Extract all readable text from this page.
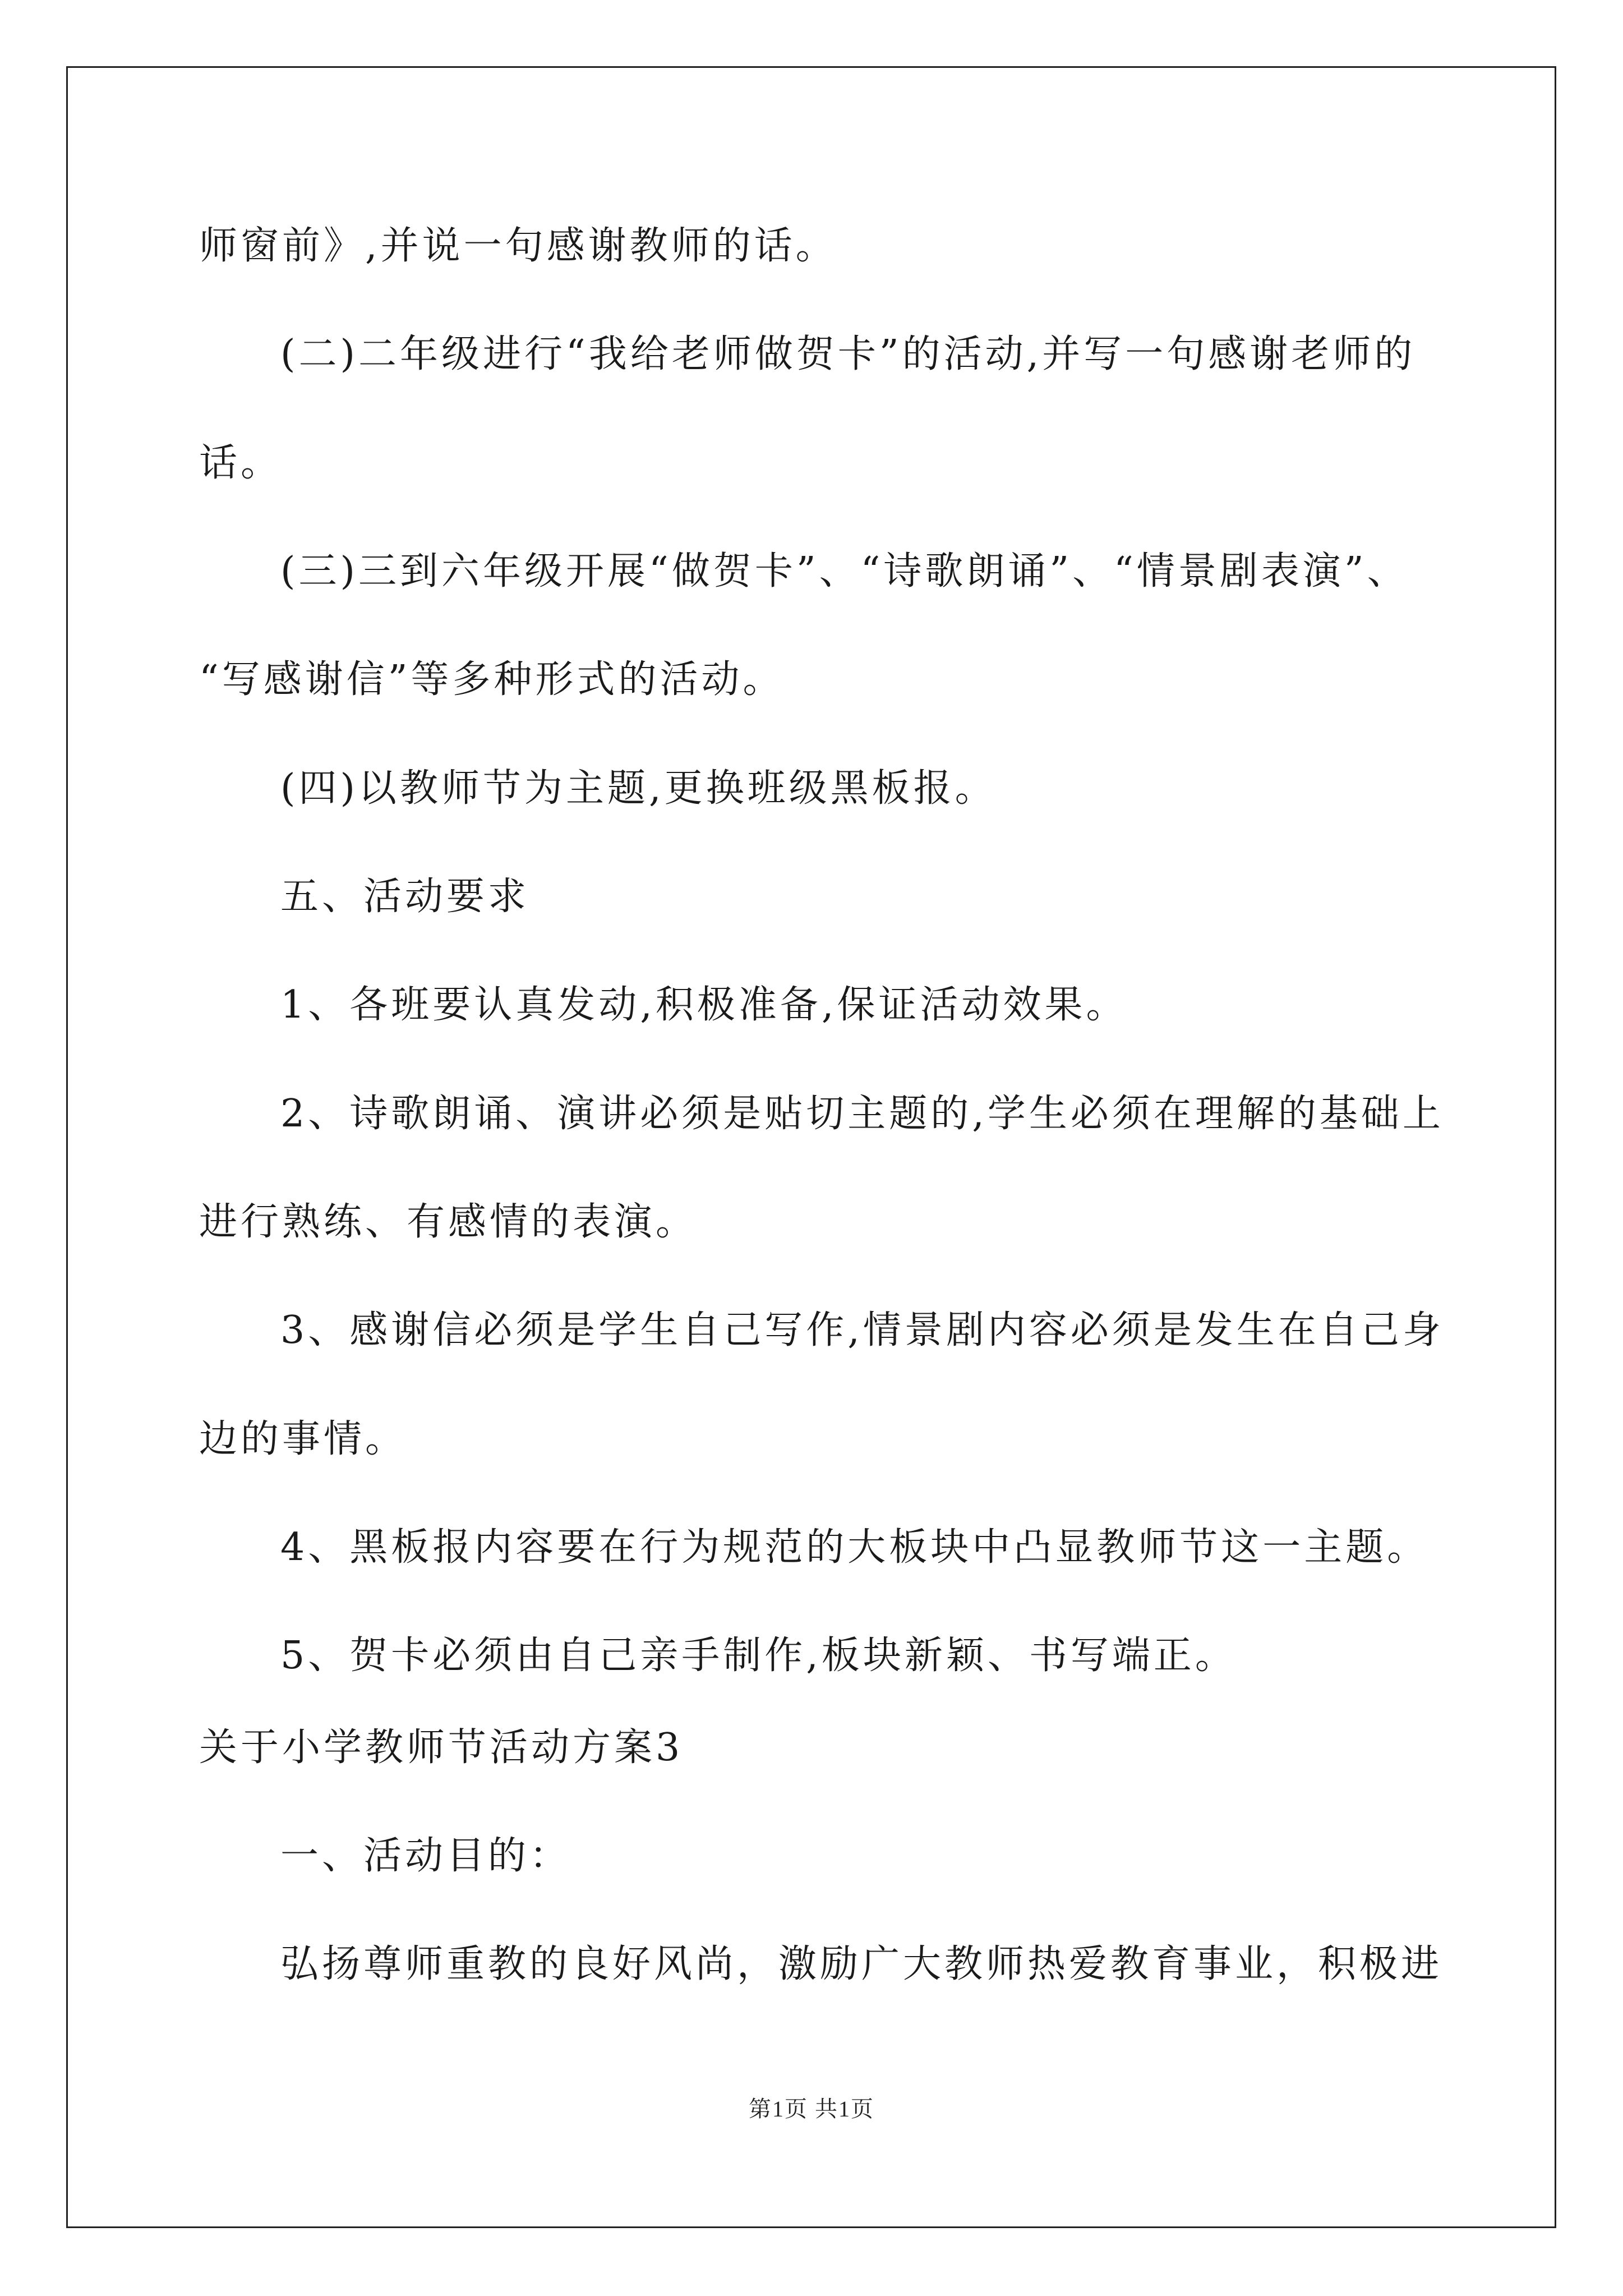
师窗前》,并说一句感谢教师的话。
(二)二年级进行“我给老师做贺卡”的活动,并写一句感谢老师的
话。
(三)三到六年级开展“做贺卡”、“诗歌朗诵”、“情景剧表演”、
“写感谢信”等多种形式的活动。
(四)以教师节为主题,更换班级黑板报。
五、活动要求
1、各班要认真发动,积极准备,保证活动效果。
2、诗歌朗诵、演讲必须是贴切主题的,学生必须在理解的基础上
进行熟练、有感情的表演。
3、感谢信必须是学生自己写作,情景剧内容必须是发生在自己身
边的事情。
4、黑板报内容要在行为规范的大板块中凸显教师节这一主题。
5、贺卡必须由自己亲手制作,板块新颖、书写端正。
关于小学教师节活动方案3
一、活动目的：
弘扬尊师重教的良好风尚，激励广大教师热爱教育事业，积极进
第1页 共1页
